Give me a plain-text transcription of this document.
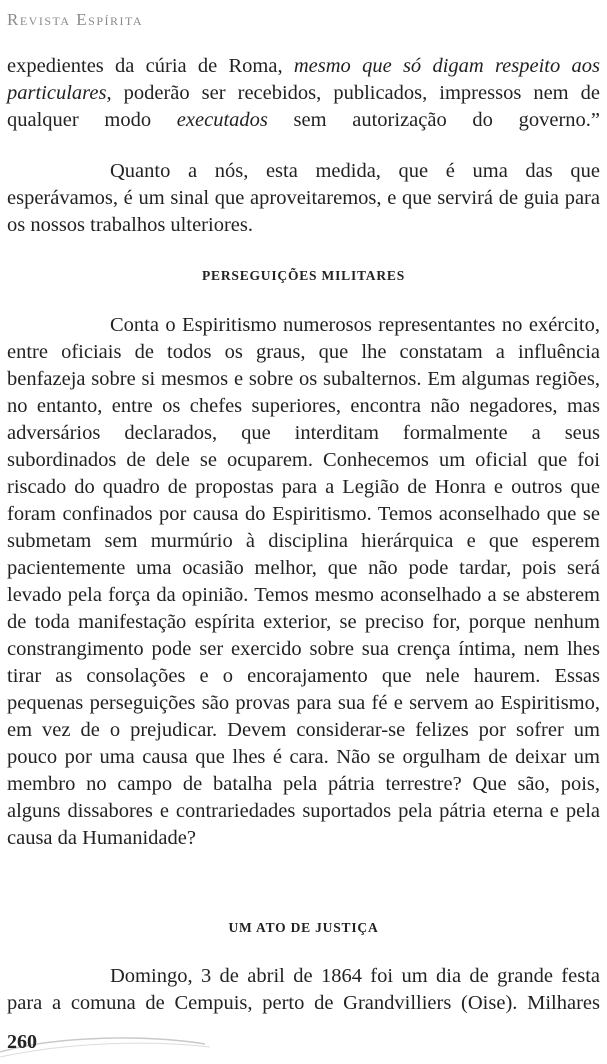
Revista Espírita

expedientes da cúria de Roma, mesmo que só digam respeito aos particulares, poderão ser recebidos, publicados, impressos nem de qualquer modo executados sem autorização do governo.”

Quanto a nós, esta medida, que é uma das que esperávamos, é um sinal que aproveitaremos, e que servirá de guia para os nossos trabalhos ulteriores.

PERSEGUIÇÕES MILITARES

Conta o Espiritismo numerosos representantes no exército, entre oficiais de todos os graus, que lhe constatam a influência benfazeja sobre si mesmos e sobre os subalternos. Em algumas regiões, no entanto, entre os chefes superiores, encontra não negadores, mas adversários declarados, que interditam formalmente a seus subordinados de dele se ocuparem. Conhecemos um oficial que foi riscado do quadro de propostas para a Legião de Honra e outros que foram confinados por causa do Espiritismo. Temos aconselhado que se submetam sem murmúrio à disciplina hierárquica e que esperem pacientemente uma ocasião melhor, que não pode tardar, pois será levado pela força da opinião. Temos mesmo aconselhado a se absterem de toda manifestação espírita exterior, se preciso for, porque nenhum constrangimento pode ser exercido sobre sua crença íntima, nem lhes tirar as consolações e o encorajamento que nele haurem. Essas pequenas perseguições são provas para sua fé e servem ao Espiritismo, em vez de o prejudicar. Devem considerar-se felizes por sofrer um pouco por uma causa que lhes é cara. Não se orgulham de deixar um membro no campo de batalha pela pátria terrestre? Que são, pois, alguns dissabores e contrariedades suportados pela pátria eterna e pela causa da Humanidade?

UM ATO DE JUSTIÇA

Domingo, 3 de abril de 1864 foi um dia de grande festa para a comuna de Cempuis, perto de Grandvilliers (Oise). Milhares

260
